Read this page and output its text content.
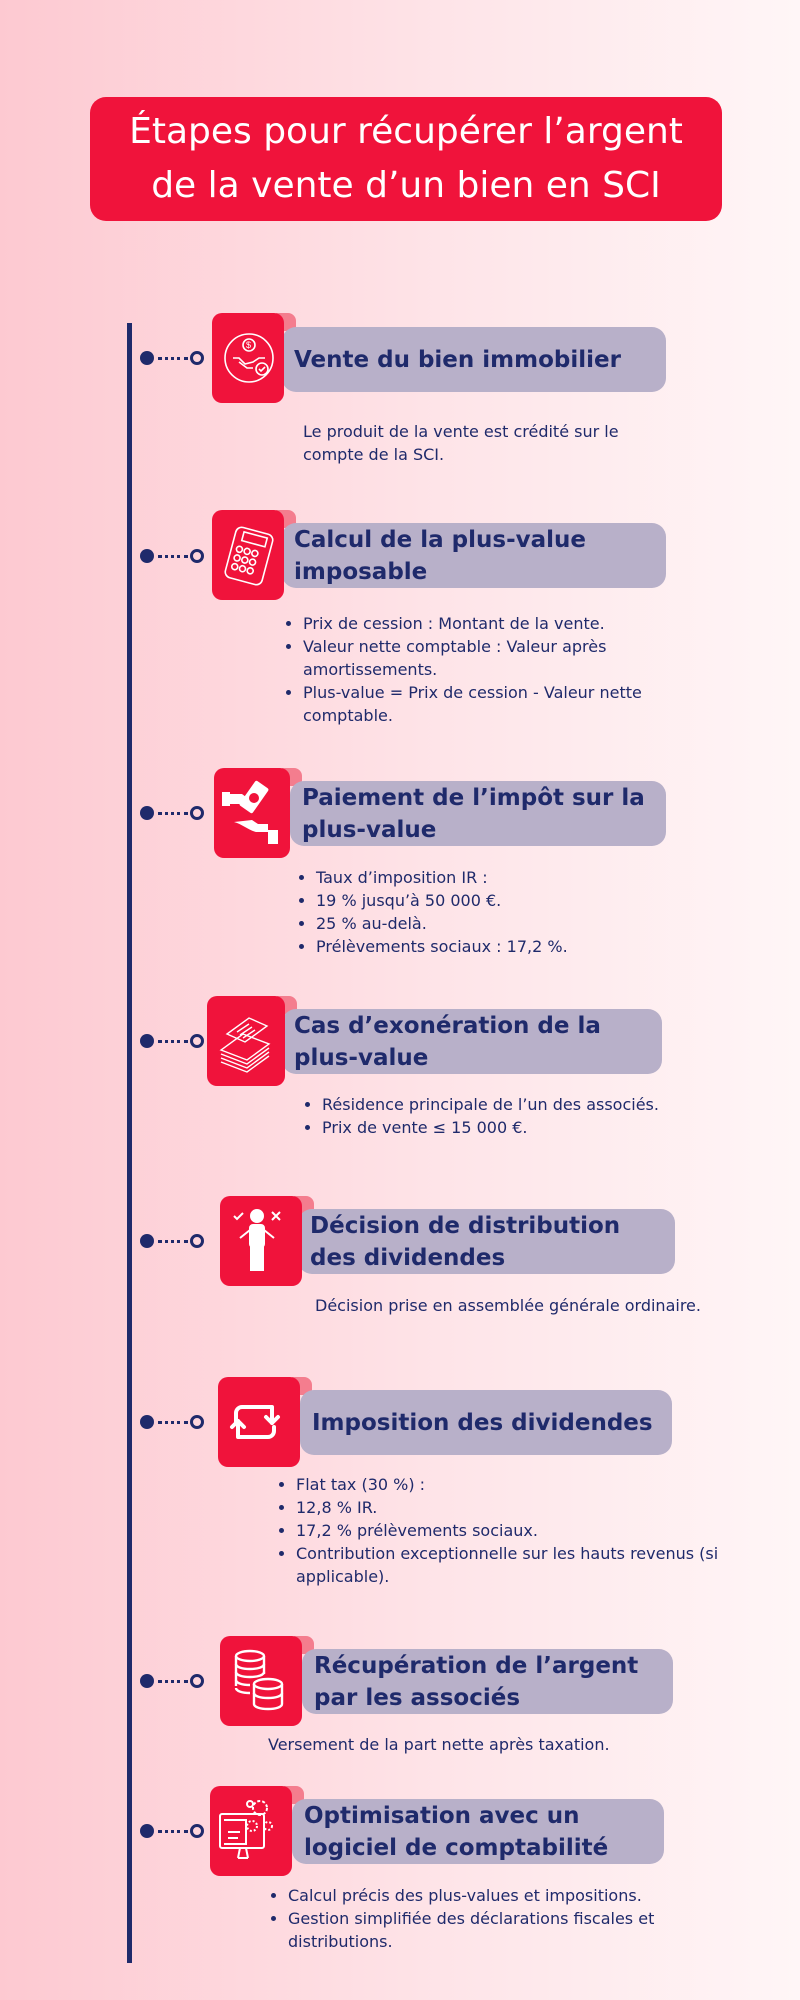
Étapes pour récupérer l’argent
de la vente d’un bien en SCI
Vente du bien immobilier
$
Le produit de la vente est crédité sur le compte de la SCI.
Calcul de la plus-value imposable
• Prix de cession : Montant de la vente.
• Valeur nette comptable : Valeur après amortissements.
• Plus-value = Prix de cession - Valeur nette comptable.
Paiement de l’impôt sur la plus-value
• Taux d’imposition IR :
• 19 % jusqu’à 50 000 €.
• 25 % au-delà.
• Prélèvements sociaux : 17,2 %.
Cas d’exonération de la plus-value
• Résidence principale de l’un des associés.
• Prix de vente ≤ 15 000 €.
Décision de distribution des dividendes
Décision prise en assemblée générale ordinaire.
Imposition des dividendes
• Flat tax (30 %) :
• 12,8 % IR.
• 17,2 % prélèvements sociaux.
• Contribution exceptionnelle sur les hauts revenus (si applicable).
Récupération de l’argent par les associés
Versement de la part nette après taxation.
Optimisation avec un logiciel de comptabilité
• Calcul précis des plus-values et impositions.
• Gestion simplifiée des déclarations fiscales et distributions.
